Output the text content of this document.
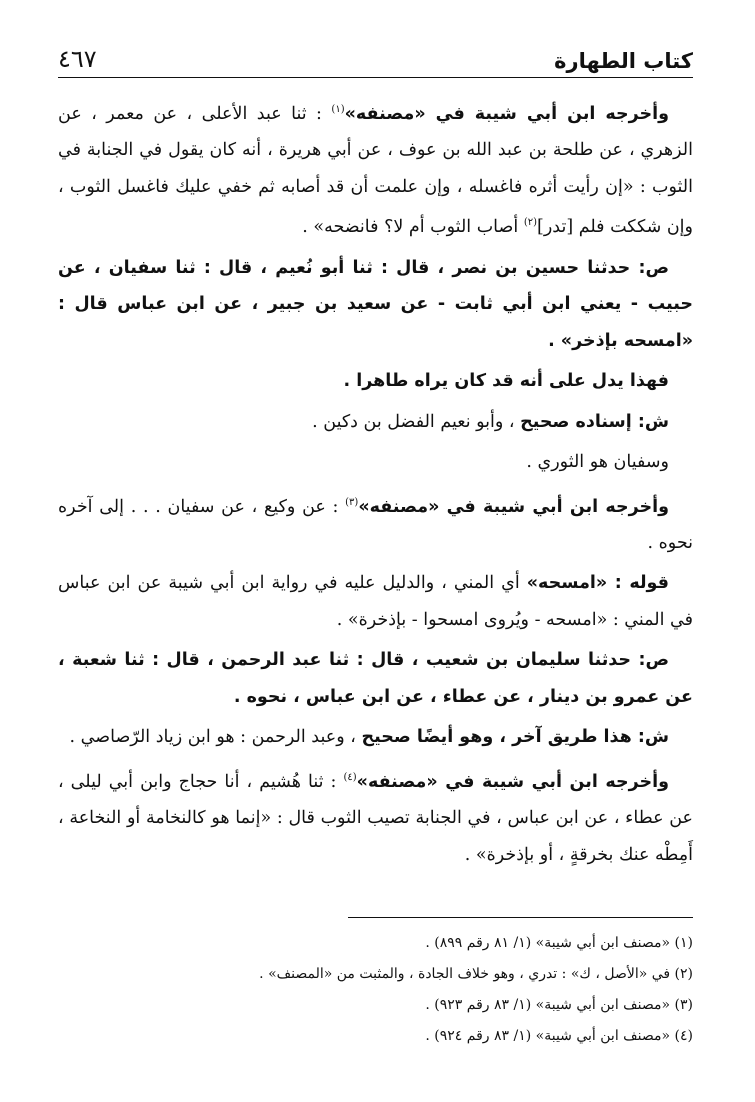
٤٦٧	كتاب الطهارة

وأخرجه ابن أبي شيبة في «مصنفه»$^{(١)}$ : ثنا عبد الأعلى ، عن معمر ، عن الزهري ، عن طلحة بن عبد الله بن عوف ، عن أبي هريرة ، أنه كان يقول في الجنابة في الثوب : «إن رأيت أثره فاغسله ، وإن علمت أن قد أصابه ثم خفي عليك فاغسل الثوب ، وإن شككت فلم [تدر]$^{(٢)}$ أصاب الثوب أم لا؟ فانضحه» .

ص: حدثنا حسين بن نصر ، قال : ثنا أبو نُعيم ، قال : ثنا سفيان ، عن حبيب - يعني ابن أبي ثابت - عن سعيد بن جبير ، عن ابن عباس قال : «امسحه بإذخر» .

فهذا يدل على أنه قد كان يراه طاهرا .

ش: إسناده صحيح ، وأبو نعيم الفضل بن دكين .

وسفيان هو الثوري .

وأخرجه ابن أبي شيبة في «مصنفه»$^{(٣)}$ : عن وكيع ، عن سفيان . . . إلى آخره نحوه .

قوله : «امسحه» أي المني ، والدليل عليه في رواية ابن أبي شيبة عن ابن عباس في المني : «امسحه - ويُروى امسحوا - بإذخرة» .

ص: حدثنا سليمان بن شعيب ، قال : ثنا عبد الرحمن ، قال : ثنا شعبة ، عن عمرو بن دينار ، عن عطاء ، عن ابن عباس ، نحوه .

ش: هذا طريق آخر ، وهو أيضًا صحيح ، وعبد الرحمن : هو ابن زياد الرّصاصي .

وأخرجه ابن أبي شيبة في «مصنفه»$^{(٤)}$ : ثنا هُشيم ، أنا حجاج وابن أبي ليلى ، عن عطاء ، عن ابن عباس ، في الجنابة تصيب الثوب قال : «إنما هو كالنخامة أو النخاعة ، أَمِطْه عنك بخرقةٍ ، أو بإذخرة» .

(١) «مصنف ابن أبي شيبة» (١/ ٨١ رقم ٨٩٩) .
(٢) في «الأصل ، ك» : تدري ، وهو خلاف الجادة ، والمثبت من «المصنف» .
(٣) «مصنف ابن أبي شيبة» (١/ ٨٣ رقم ٩٢٣) .
(٤) «مصنف ابن أبي شيبة» (١/ ٨٣ رقم ٩٢٤) .
